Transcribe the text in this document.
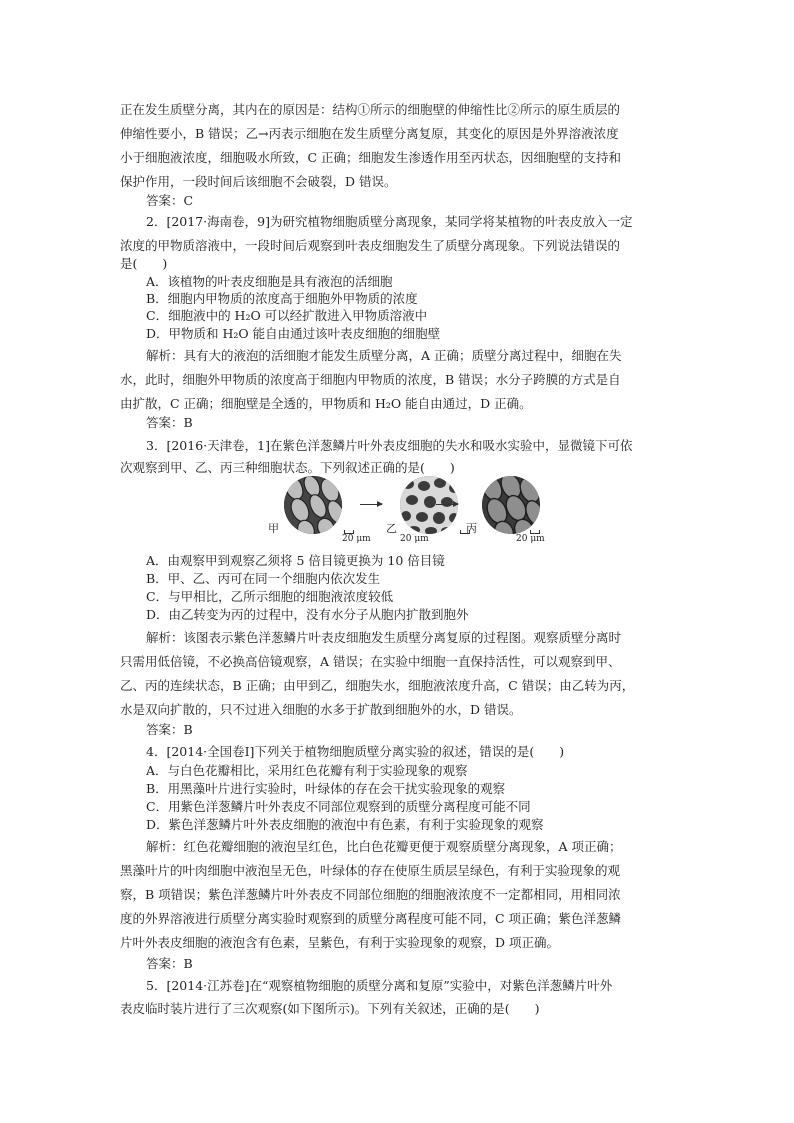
正在发生质壁分离，其内在的原因是：结构①所示的细胞壁的伸缩性比②所示的原生质层的
伸缩性要小，B 错误；乙→丙表示细胞在发生质壁分离复原，其变化的原因是外界溶液浓度
小于细胞液浓度，细胞吸水所致，C 正确；细胞发生渗透作用至丙状态，因细胞壁的支持和
保护作用，一段时间后该细胞不会破裂，D 错误。
答案：C
2．[2017·海南卷，9]为研究植物细胞质壁分离现象，某同学将某植物的叶表皮放入一定
浓度的甲物质溶液中，一段时间后观察到叶表皮细胞发生了质壁分离现象。下列说法错误的
是(　　)
A．该植物的叶表皮细胞是具有液泡的活细胞
B．细胞内甲物质的浓度高于细胞外甲物质的浓度
C．细胞液中的 H₂O 可以经扩散进入甲物质溶液中
D．甲物质和 H₂O 能自由通过该叶表皮细胞的细胞壁
解析：具有大的液泡的活细胞才能发生质壁分离，A 正确；质壁分离过程中，细胞在失
水，此时，细胞外甲物质的浓度高于细胞内甲物质的浓度，B 错误；水分子跨膜的方式是自
由扩散，C 正确；细胞壁是全透的，甲物质和 H₂O 能自由通过，D 正确。
答案：B
3．[2016·天津卷，1]在紫色洋葱鳞片叶外表皮细胞的失水和吸水实验中，显微镜下可依
次观察到甲、乙、丙三种细胞状态。下列叙述正确的是(　　)
甲
20 μm
乙
20 μm
丙
20 μm
A．由观察甲到观察乙须将 5 倍目镜更换为 10 倍目镜
B．甲、乙、丙可在同一个细胞内依次发生
C．与甲相比，乙所示细胞的细胞液浓度较低
D．由乙转变为丙的过程中，没有水分子从胞内扩散到胞外
解析：该图表示紫色洋葱鳞片叶表皮细胞发生质壁分离复原的过程图。观察质壁分离时
只需用低倍镜，不必换高倍镜观察，A 错误；在实验中细胞一直保持活性，可以观察到甲、
乙、丙的连续状态，B 正确；由甲到乙，细胞失水，细胞液浓度升高，C 错误；由乙转为丙，
水是双向扩散的，只不过进入细胞的水多于扩散到细胞外的水，D 错误。
答案：B
4．[2014·全国卷Ⅰ]下列关于植物细胞质壁分离实验的叙述，错误的是(　　)
A．与白色花瓣相比，采用红色花瓣有利于实验现象的观察
B．用黑藻叶片进行实验时，叶绿体的存在会干扰实验现象的观察
C．用紫色洋葱鳞片叶外表皮不同部位观察到的质壁分离程度可能不同
D．紫色洋葱鳞片叶外表皮细胞的液泡中有色素，有利于实验现象的观察
解析：红色花瓣细胞的液泡呈红色，比白色花瓣更便于观察质壁分离现象，A 项正确；
黑藻叶片的叶肉细胞中液泡呈无色，叶绿体的存在使原生质层呈绿色，有利于实验现象的观
察，B 项错误；紫色洋葱鳞片叶外表皮不同部位细胞的细胞液浓度不一定都相同，用相同浓
度的外界溶液进行质壁分离实验时观察到的质壁分离程度可能不同，C 项正确；紫色洋葱鳞
片叶外表皮细胞的液泡含有色素，呈紫色，有利于实验现象的观察，D 项正确。
答案：B
5．[2014·江苏卷]在“观察植物细胞的质壁分离和复原”实验中，对紫色洋葱鳞片叶外
表皮临时装片进行了三次观察(如下图所示)。下列有关叙述，正确的是(　　)
